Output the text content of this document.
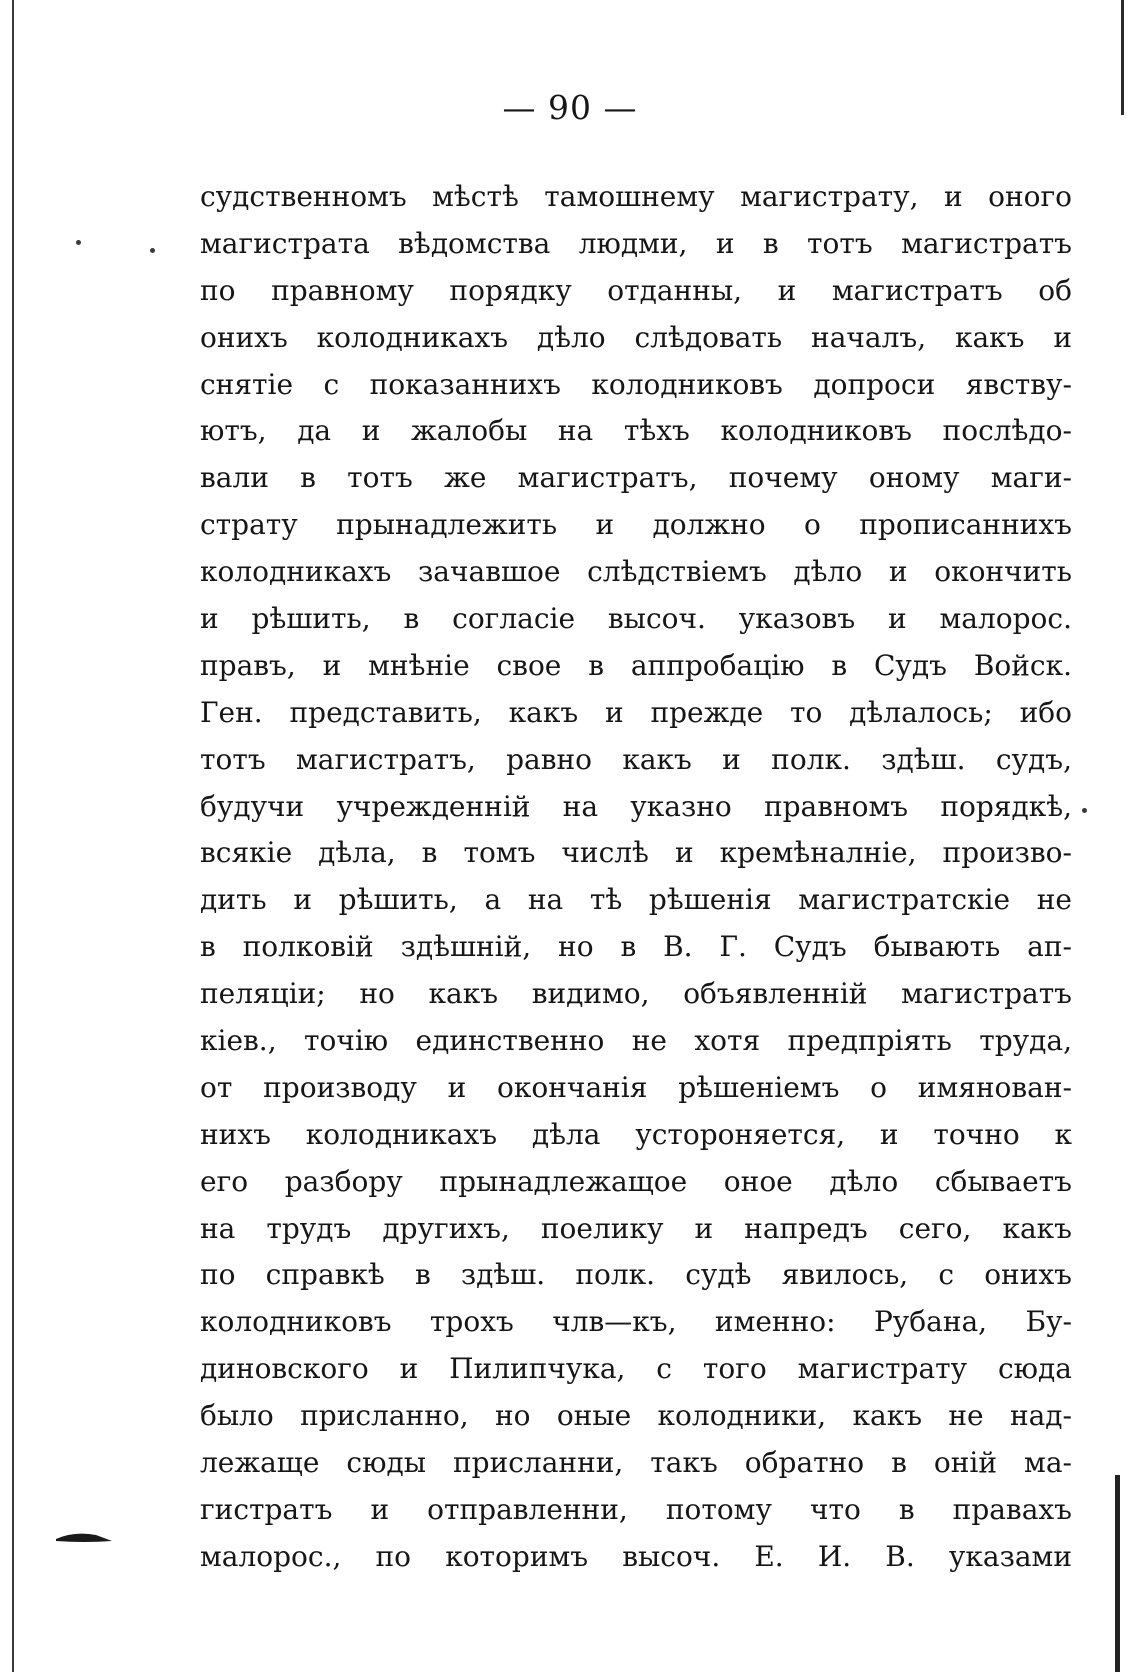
— 90 —
судственномъ мѣстѣ тамошнему магистрату, и оного
магистрата вѣдомства людми, и в тотъ магистратъ
по правному порядку отданны, и магистратъ об
онихъ колодникахъ дѣло слѣдовать началъ, какъ и
снятіе с показаннихъ колодниковъ допроси явству-
ютъ, да и жалобы на тѣхъ колодниковъ послѣдо-
вали в тотъ же магистратъ, почему оному маги-
страту прынадлежить и должно о прописаннихъ
колодникахъ зачавшое слѣдствіемъ дѣло и окончить
и рѣшить, в согласіе высоч. указовъ и малорос.
правъ, и мнѣніе свое в аппробацію в Судъ Войск.
Ген. представить, какъ и прежде то дѣлалось; ибо
тотъ магистратъ, равно какъ и полк. здѣш. судъ,
будучи учрежденній на указно правномъ порядкѣ,
всякіе дѣла, в томъ числѣ и кремѣналніе, произво-
дить и рѣшить, а на тѣ рѣшенія магистратскіе не
в полковій здѣшній, но в В. Г. Судъ бывають ап-
пеляціи; но какъ видимо, объявленній магистратъ
кіев., точію единственно не хотя предпріять труда,
от производу и окончанія рѣшеніемъ о имянован-
нихъ колодникахъ дѣла устороняется, и точно к
его разбору прынадлежащое оное дѣло сбываетъ
на трудъ другихъ, поелику и напредъ сего, какъ
по справкѣ в здѣш. полк. судѣ явилось, с онихъ
колодниковъ трохъ члв—къ, именно: Рубана, Бу-
диновского и Пилипчука, с того магистрату сюда
было присланно, но оные колодники, какъ не над-
лежаще сюды присланни, такъ обратно в оній ма-
гистратъ и отправленни, потому что в правахъ
малорос., по которимъ высоч. Е. И. В. указами
